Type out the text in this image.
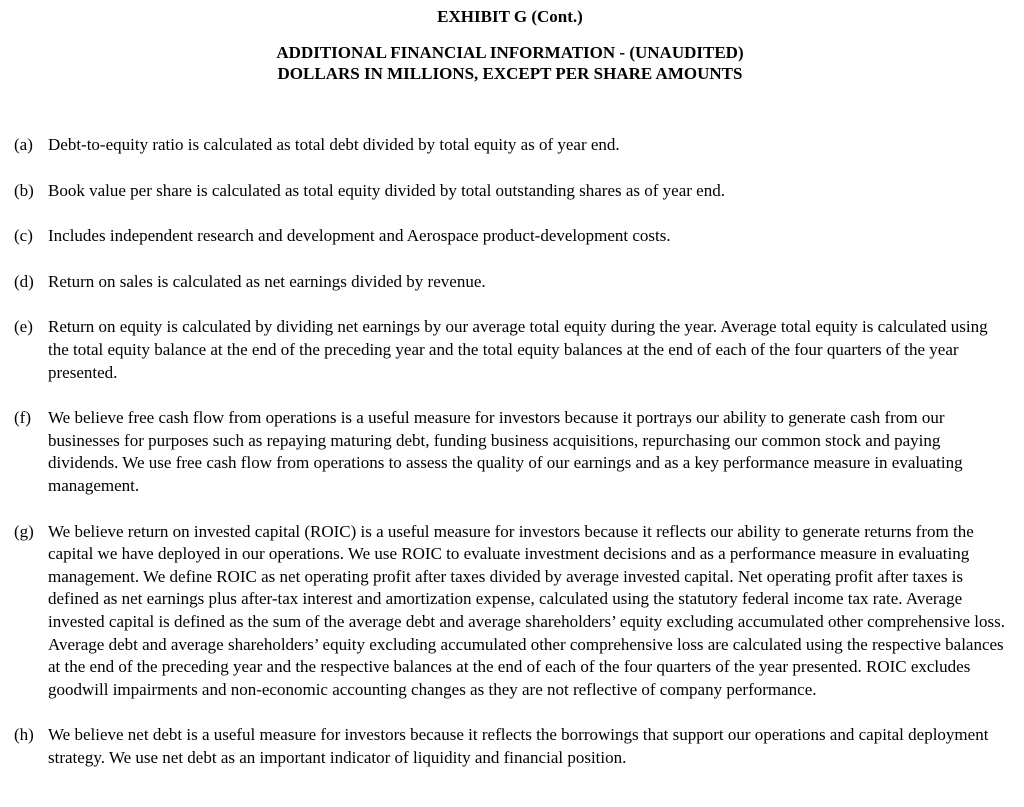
EXHIBIT G (Cont.)
ADDITIONAL FINANCIAL INFORMATION - (UNAUDITED)
DOLLARS IN MILLIONS, EXCEPT PER SHARE AMOUNTS
(a) Debt-to-equity ratio is calculated as total debt divided by total equity as of year end.
(b) Book value per share is calculated as total equity divided by total outstanding shares as of year end.
(c) Includes independent research and development and Aerospace product-development costs.
(d) Return on sales is calculated as net earnings divided by revenue.
(e) Return on equity is calculated by dividing net earnings by our average total equity during the year. Average total equity is calculated using the total equity balance at the end of the preceding year and the total equity balances at the end of each of the four quarters of the year presented.
(f)	We believe free cash flow from operations is a useful measure for investors because it portrays our ability to generate cash from our businesses for purposes such as repaying maturing debt, funding business acquisitions, repurchasing our common stock and paying dividends. We use free cash flow from operations to assess the quality of our earnings and as a key performance measure in evaluating management.
(g) We believe return on invested capital (ROIC) is a useful measure for investors because it reflects our ability to generate returns from the capital we have deployed in our operations. We use ROIC to evaluate investment decisions and as a performance measure in evaluating management. We define ROIC as net operating profit after taxes divided by average invested capital. Net operating profit after taxes is defined as net earnings plus after-tax interest and amortization expense, calculated using the statutory federal income tax rate. Average invested capital is defined as the sum of the average debt and average shareholders’ equity excluding accumulated other comprehensive loss. Average debt and average shareholders’ equity excluding accumulated other comprehensive loss are calculated using the respective balances at the end of the preceding year and the respective balances at the end of each of the four quarters of the year presented. ROIC excludes goodwill impairments and non-economic accounting changes as they are not reflective of company performance.
(h) We believe net debt is a useful measure for investors because it reflects the borrowings that support our operations and capital deployment strategy. We use net debt as an important indicator of liquidity and financial position.
